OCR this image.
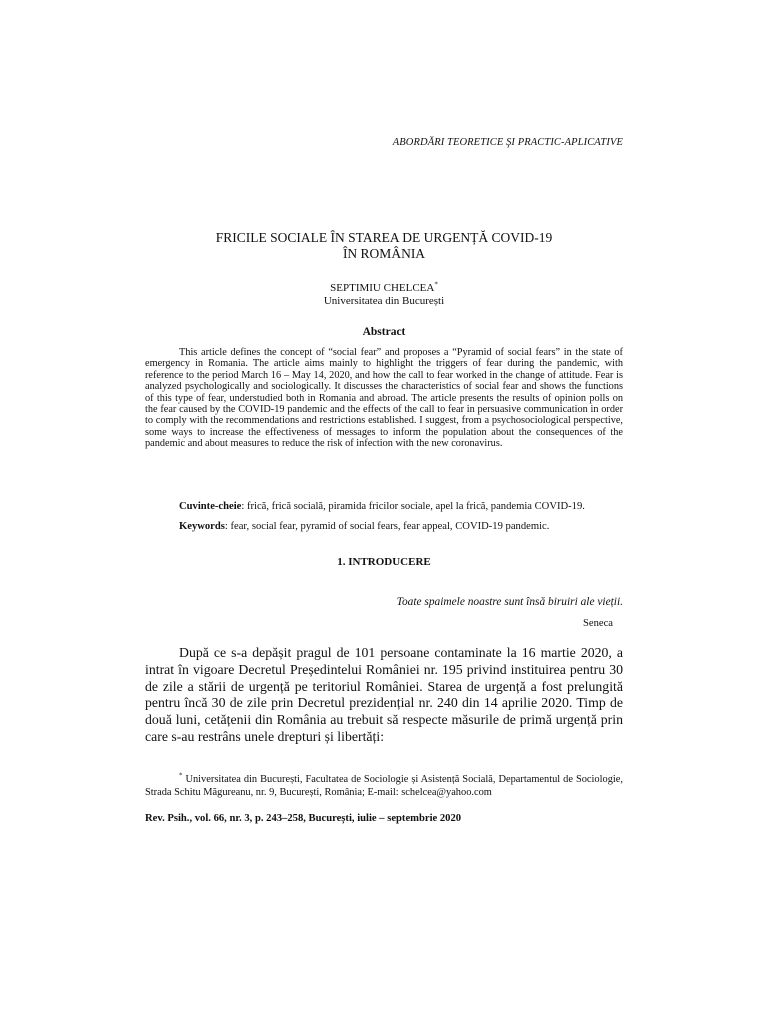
ABORDĂRI TEORETICE ŞI PRACTIC-APLICATIVE
FRICILE SOCIALE ÎN STAREA DE URGENȚĂ COVID-19
ÎN ROMÂNIA
SEPTIMIU CHELCEA*
Universitatea din București
Abstract

This article defines the concept of “social fear” and proposes a “Pyramid of social fears” in the state of emergency in Romania. The article aims mainly to highlight the triggers of fear during the pandemic, with reference to the period March 16 – May 14, 2020, and how the call to fear worked in the change of attitude. Fear is analyzed psychologically and sociologically. It discusses the characteristics of social fear and shows the functions of this type of fear, understudied both in Romania and abroad. The article presents the results of opinion polls on the fear caused by the COVID-19 pandemic and the effects of the call to fear in persuasive communication in order to comply with the recommendations and restrictions established. I suggest, from a psychosociological perspective, some ways to increase the effectiveness of messages to inform the population about the consequences of the pandemic and about measures to reduce the risk of infection with the new coronavirus.

Cuvinte-cheie: frică, frică socială, piramida fricilor sociale, apel la frică, pandemia COVID-19.
Keywords: fear, social fear, pyramid of social fears, fear appeal, COVID-19 pandemic.
1. INTRODUCERE
Toate spaimele noastre sunt însă biruiri ale vieții.
Seneca

După ce s-a depășit pragul de 101 persoane contaminate la 16 martie 2020, a intrat în vigoare Decretul Președintelui României nr. 195 privind instituirea pentru 30 de zile a stării de urgență pe teritoriul României. Starea de urgență a fost prelungită pentru încă 30 de zile prin Decretul prezidențial nr. 240 din 14 aprilie 2020. Timp de două luni, cetățenii din România au trebuit să respecte măsurile de primă urgență prin care s-au restrâns unele drepturi și libertăți:

* Universitatea din București, Facultatea de Sociologie și Asistență Socială, Departamentul de Sociologie, Strada Schitu Măgureanu, nr. 9, București, România; E-mail: schelcea@yahoo.com

Rev. Psih., vol. 66, nr. 3, p. 243–258, București, iulie – septembrie 2020
